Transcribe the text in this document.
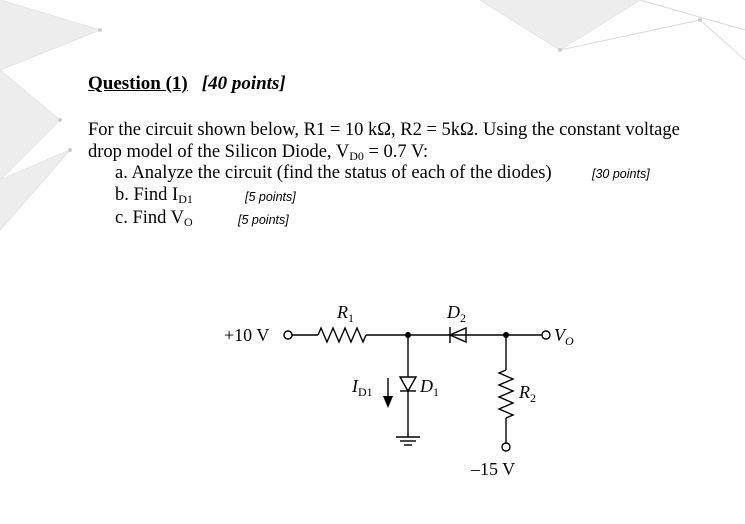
Question (1) [40 points]
For the circuit shown below, R1 = 10 kΩ, R2 = 5kΩ. Using the constant voltage
drop model of the Silicon Diode, $V_{D0} = 0.7$ V:
a. Analyze the circuit (find the status of each of the diodes)	[30 points]
b. Find $I_{D1}$	[5 points]
c. Find $V_O$	[5 points]
+10 V
$R_1$	$D_2$
$V_O$
$I_{D1}$	$D_1$	$R_2$
–15 V
